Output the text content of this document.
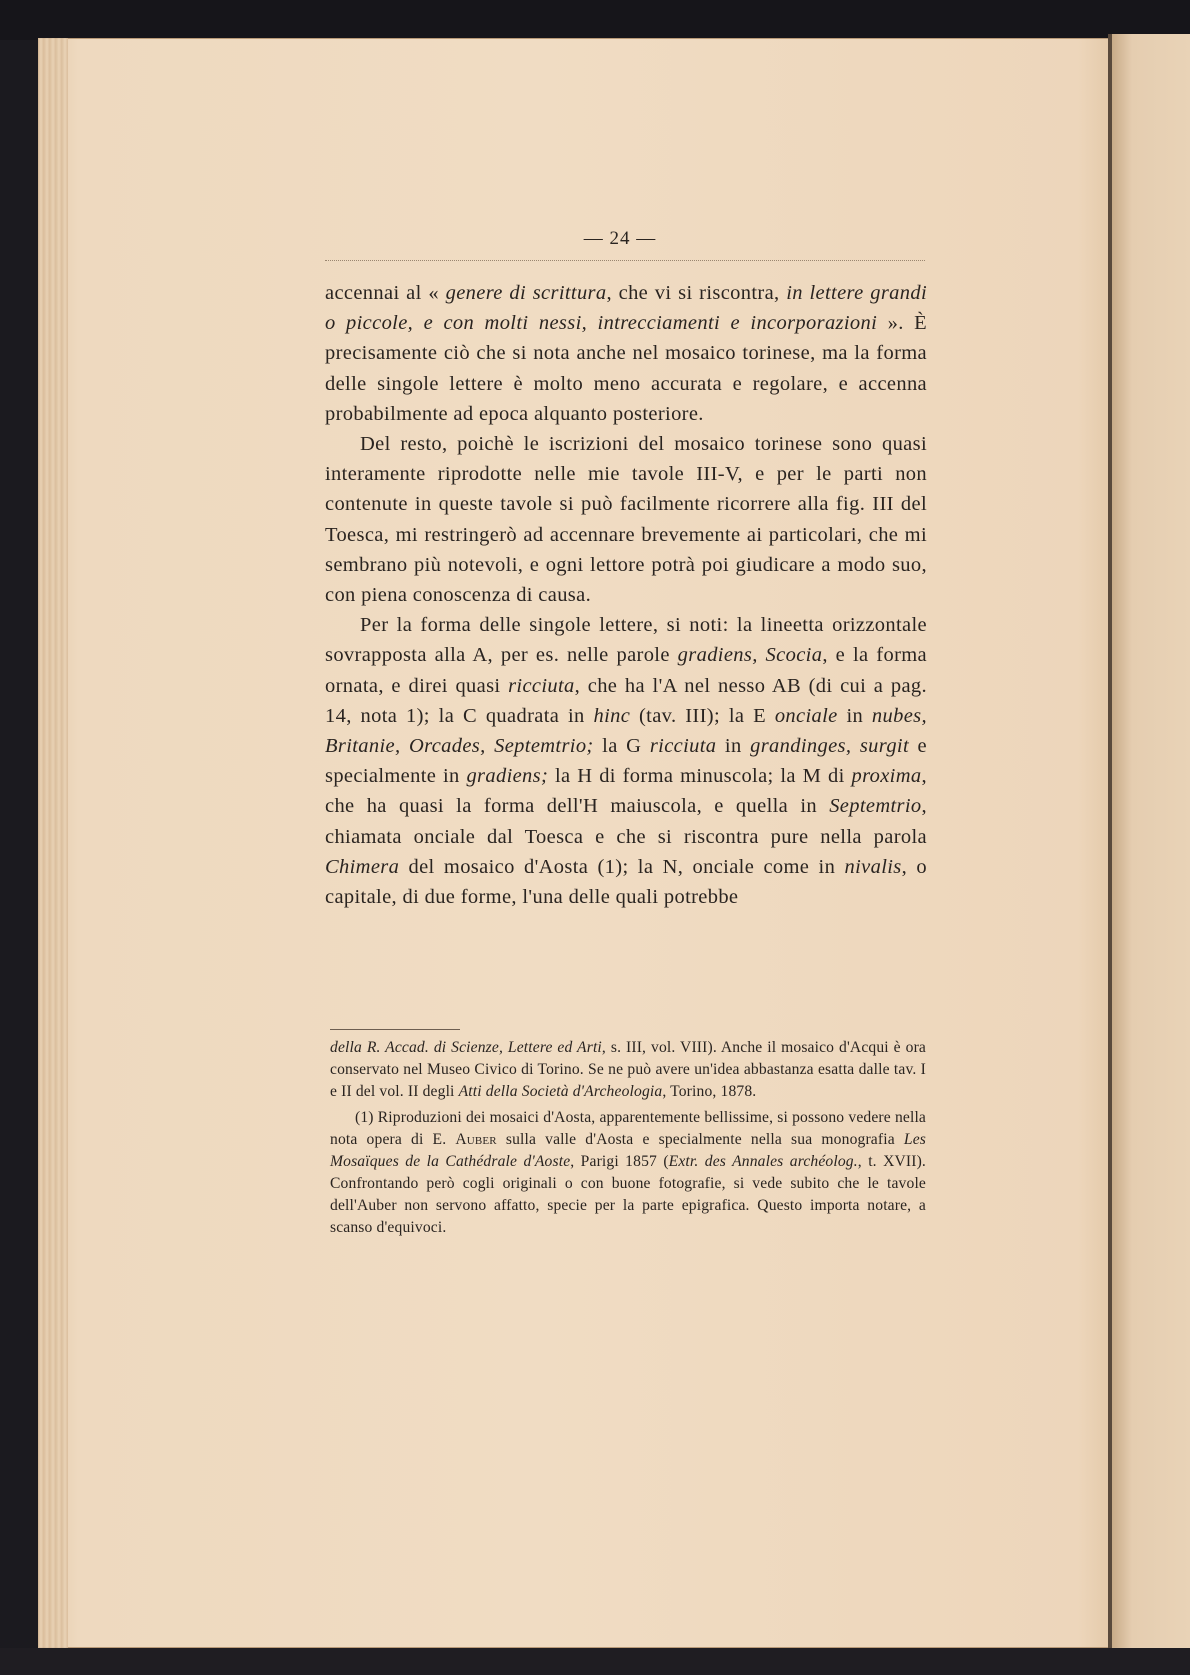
— 24 —

accennai al « genere di scrittura, che vi si riscontra, in lettere grandi o piccole, e con molti nessi, intrecciamenti e incorporazioni ». È precisamente ciò che si nota anche nel mosaico torinese, ma la forma delle singole lettere è molto meno accurata e regolare, e accenna probabilmente ad epoca alquanto posteriore.

Del resto, poichè le iscrizioni del mosaico torinese sono quasi interamente riprodotte nelle mie tavole III-V, e per le parti non contenute in queste tavole si può facilmente ricorrere alla fig. III del Toesca, mi restringerò ad accennare brevemente ai particolari, che mi sembrano più notevoli, e ogni lettore potrà poi giudicare a modo suo, con piena conoscenza di causa.

Per la forma delle singole lettere, si noti: la lineetta orizzontale sovrapposta alla A, per es. nelle parole gradiens, Scocia, e la forma ornata, e direi quasi ricciuta, che ha l'A nel nesso AB (di cui a pag. 14, nota 1); la C quadrata in hinc (tav. III); la E onciale in nubes, Britanie, Orcades, Septemtrio; la G ricciuta in grandinges, surgit e specialmente in gradiens; la H di forma minuscola; la M di proxima, che ha quasi la forma dell'H maiuscola, e quella in Septemtrio, chiamata onciale dal Toesca e che si riscontra pure nella parola Chimera del mosaico d'Aosta (1); la N, onciale come in nivalis, o capitale, di due forme, l'una delle quali potrebbe

della R. Accad. di Scienze, Lettere ed Arti, s. III, vol. VIII). Anche il mosaico d'Acqui è ora conservato nel Museo Civico di Torino. Se ne può avere un'idea abbastanza esatta dalle tav. I e II del vol. II degli Atti della Società d'Archeologia, Torino, 1878.

(1) Riproduzioni dei mosaici d'Aosta, apparentemente bellissime, si possono vedere nella nota opera di E. Auber sulla valle d'Aosta e specialmente nella sua monografia Les Mosaïques de la Cathédrale d'Aoste, Parigi 1857 (Extr. des Annales archéolog., t. XVII). Confrontando però cogli originali o con buone fotografie, si vede subito che le tavole dell'Auber non servono affatto, specie per la parte epigrafica. Questo importa notare, a scanso d'equivoci.
